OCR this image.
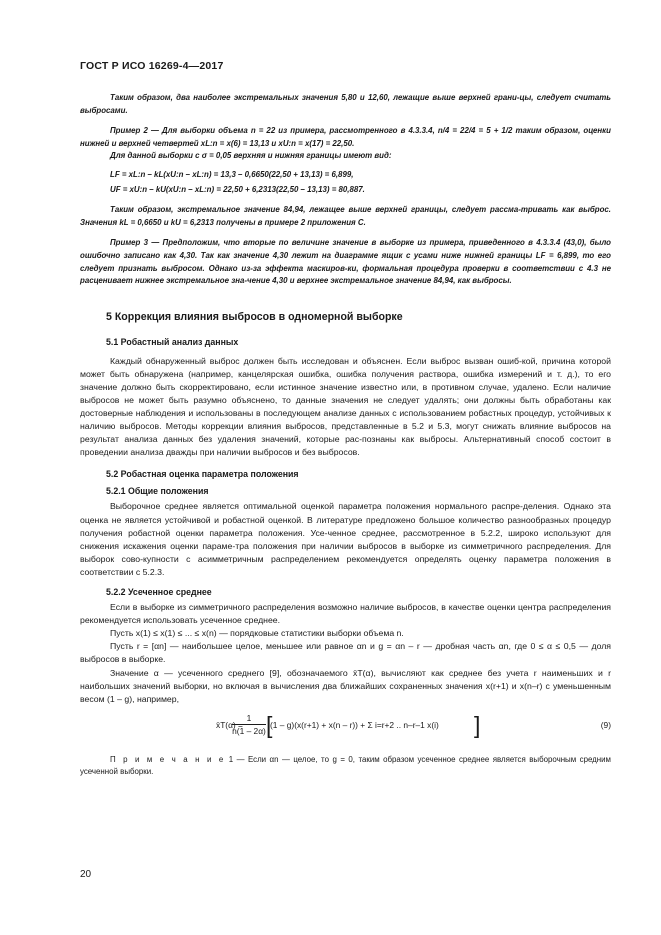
ГОСТ Р ИСО 16269-4—2017

Таким образом, два наиболее экстремальных значения 5,80 и 12,60, лежащие выше верхней грани-цы, следует считать выбросами.

Пример 2 — Для выборки объема n = 22 из примера, рассмотренного в 4.3.3.4, n/4 = 22/4 = 5 + 1/2 таким образом, оценки нижней и верхней четвертей xL:n = x(6) = 13,13 и xU:n = x(17) = 22,50.

Для данной выборки c σ = 0,05 верхняя и нижняя границы имеют вид:

LF = xL:n – kL(xU:n – xL:n) = 13,3 – 0,6650(22,50 + 13,13) = 6,899,

UF = xU:n – kU(xU:n – xL:n) = 22,50 + 6,2313(22,50 – 13,13) = 80,887.

Таким образом, экстремальное значение 84,94, лежащее выше верхней границы, следует рассма-тривать как выброс. Значения kL = 0,6650 и kU = 6,2313 получены в примере 2 приложения С.

Пример 3 — Предположим, что вторые по величине значение в выборке из примера, приведенного в 4.3.3.4 (43,0), было ошибочно записано как 4,30. Так как значение 4,30 лежит на диаграмме ящик с усами ниже нижней границы LF = 6,899, то его следует признать выбросом. Однако из-за эффекта маскиров-ки, формальная процедура проверки в соответствии с 4.3 не расценивает нижнее экстремальное зна-чение 4,30 и верхнее экстремальное значение 84,94, как выбросы.

5 Коррекция влияния выбросов в одномерной выборке

5.1 Робастный анализ данных

Каждый обнаруженный выброс должен быть исследован и объяснен. Если выброс вызван ошиб-кой, причина которой может быть обнаружена (например, канцелярская ошибка, ошибка получения раствора, ошибка измерений и т. д.), то его значение должно быть скорректировано, если истинное значение известно или, в противном случае, удалено. Если наличие выбросов не может быть разумно объяснено, то данные значения не следует удалять; они должны быть обработаны как достоверные наблюдения и использованы в последующем анализе данных с использованием робастных процедур, устойчивых к наличию выбросов. Методы коррекции влияния выбросов, представленные в 5.2 и 5.3, могут снижать влияние выбросов на результат анализа данных без удаления значений, которые рас-познаны как выбросы. Альтернативный способ состоит в проведении анализа дважды при наличии выбросов и без выбросов.

5.2 Робастная оценка параметра положения

5.2.1 Общие положения

Выборочное среднее является оптимальной оценкой параметра положения нормального распре-деления. Однако эта оценка не является устойчивой и робастной оценкой. В литературе предложено большое количество разнообразных процедур получения робастной оценки параметра положения. Усе-ченное среднее, рассмотренное в 5.2.2, широко используют для снижения искажения оценки параме-тра положения при наличии выбросов в выборке из симметричного распределения. Для выборок сово-купности с асимметричным распределением рекомендуется определять оценку параметра положения в соответствии с 5.2.3.

5.2.2 Усеченное среднее

Если в выборке из симметричного распределения возможно наличие выбросов, в качестве оценки центра распределения рекомендуется использовать усеченное среднее.

Пусть x(1) ≤ x(1) ≤ ... ≤ x(n) — порядковые статистики выборки объема n.

Пусть r = [αn] — наибольшее целое, меньшее или равное αn и g = αn – r — дробная часть αn, где 0 ≤ α ≤ 0,5 — доля выбросов в выборке.

Значение α — усеченного среднего [9], обозначаемого x̄T(α), вычисляют как среднее без учета r наименьших и r наибольших значений выборки, но включая в вычисления два ближайших сохраненных значения x(r+1) и x(n–r) с уменьшенным весом (1 – g), например,

x̄T(α) =
$\frac{1}{n(1 - 2\alpha)}$ [
(1 – g)(x(r+1) + x(n – r)) + Σ i=r+2 .. n–r–1 x(i) ]	(9)

П р и м е ч а н и е 1 — Если αn — целое, то g = 0, таким образом усеченное среднее является выборочным средним усеченной выборки.

20
